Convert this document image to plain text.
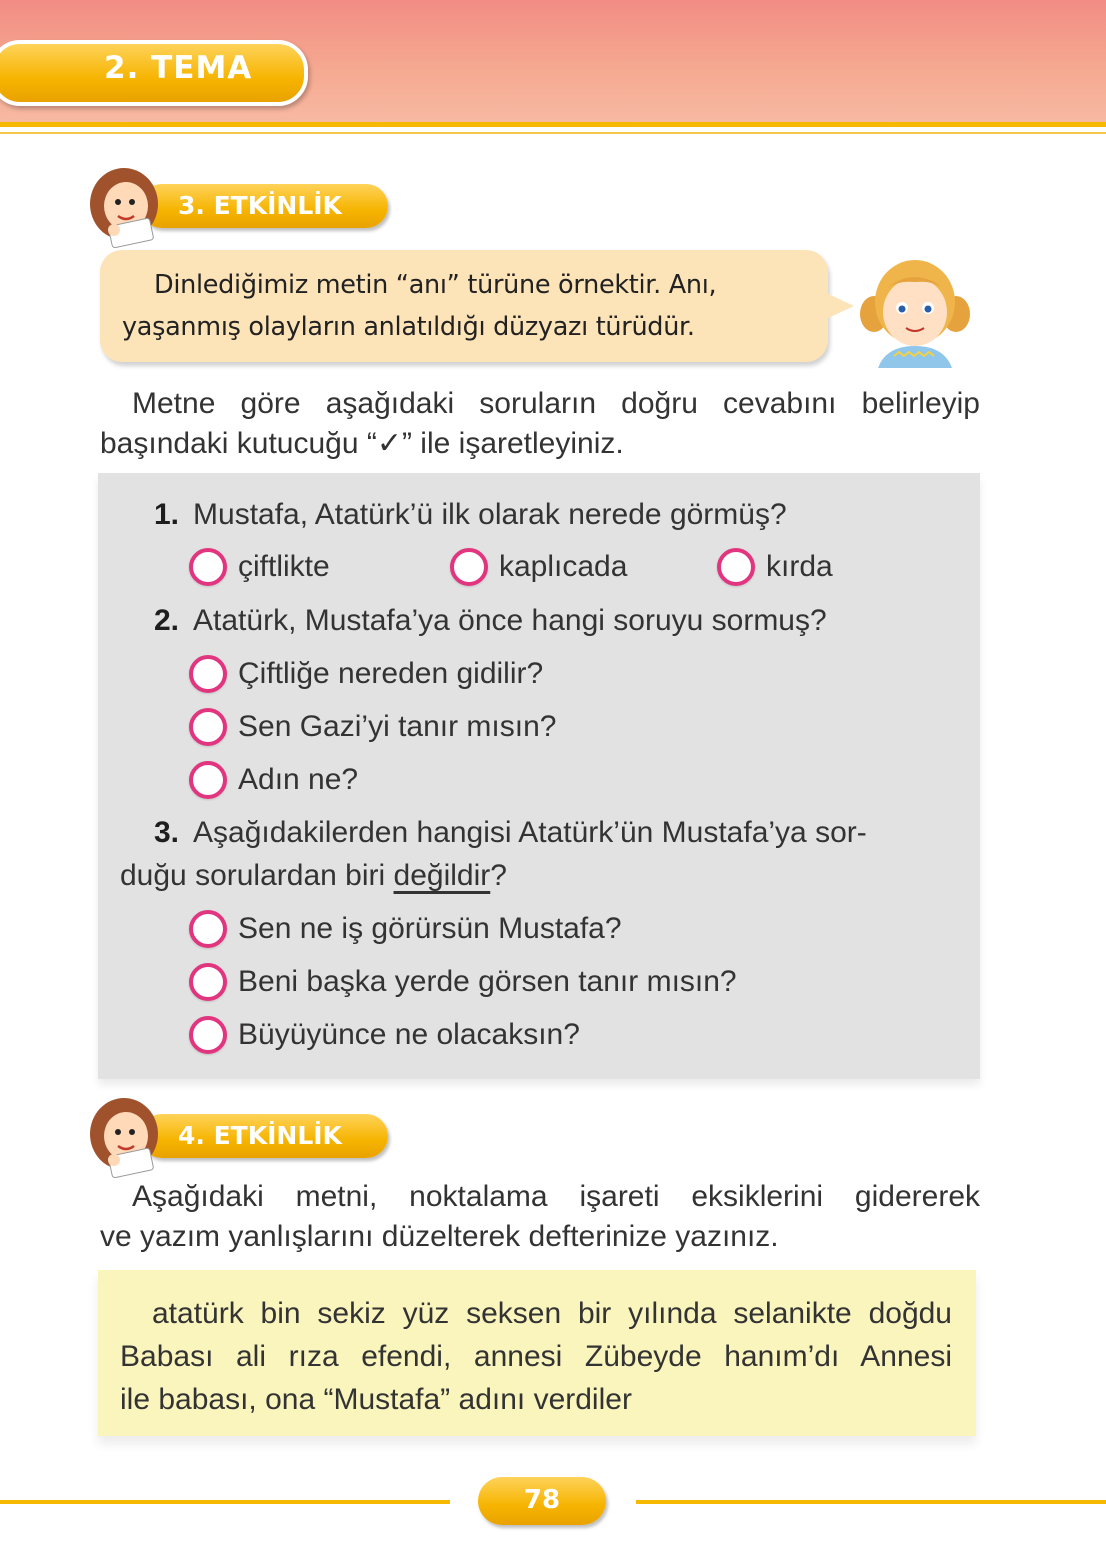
2. TEMA
3. ETKİNLİK
Dinlediğimiz metin “anı” türüne örnektir. Anı,
yaşanmış olayların anlatıldığı düzyazı türüdür.
Metne göre aşağıdaki soruların doğru cevabını belirleyip
başındaki kutucuğu “✓” ile işaretleyiniz.
1. Mustafa, Atatürk’ü ilk olarak nerede görmüş?
çiftlikte	kaplıcada	kırda
2. Atatürk, Mustafa’ya önce hangi soruyu sormuş?
Çiftliğe nereden gidilir?
Sen Gazi’yi tanır mısın?
Adın ne?
3. Aşağıdakilerden hangisi Atatürk’ün Mustafa’ya sor-
duğu sorulardan biri değildir?
Sen ne iş görürsün Mustafa?
Beni başka yerde görsen tanır mısın?
Büyüyünce ne olacaksın?
4. ETKİNLİK
Aşağıdaki metni, noktalama işareti eksiklerini gidererek
ve yazım yanlışlarını düzelterek defterinize yazınız.
atatürk bin sekiz yüz seksen bir yılında selanikte doğdu
Babası ali rıza efendi, annesi Zübeyde hanım’dı Annesi
ile babası, ona “Mustafa” adını verdiler
78
